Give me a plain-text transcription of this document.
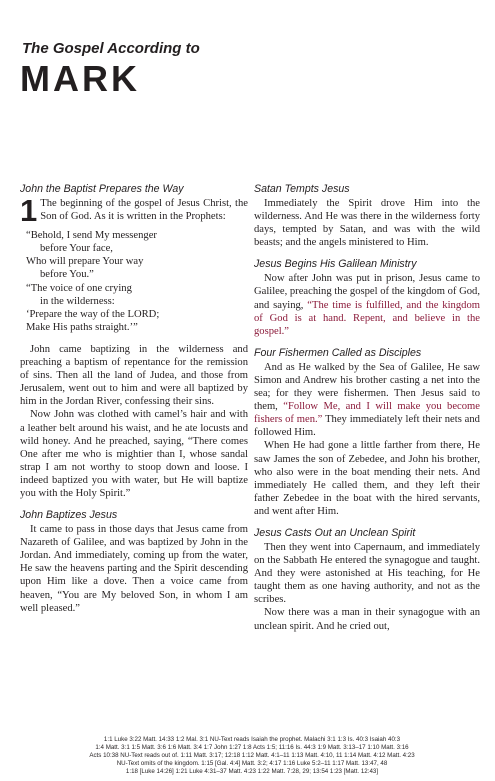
The Gospel According to
MARK
John the Baptist Prepares the Way

1 The beginning of the gospel of Jesus Christ, the Son of God. As it is written in the Prophets:

“Behold, I send My messenger
before Your face,
Who will prepare Your way
before You.”
“The voice of one crying
in the wilderness:
‘Prepare the way of the LORD;
Make His paths straight.’”

John came baptizing in the wilderness and preaching a baptism of repentance for the remission of sins. Then all the land of Judea, and those from Jerusalem, went out to him and were all baptized by him in the Jordan River, confessing their sins.

Now John was clothed with camel’s hair and with a leather belt around his waist, and he ate locusts and wild honey. And he preached, saying, “There comes One after me who is mightier than I, whose sandal strap I am not worthy to stoop down and loose. I indeed baptized you with water, but He will baptize you with the Holy Spirit.”

John Baptizes Jesus

It came to pass in those days that Jesus came from Nazareth of Galilee, and was baptized by John in the Jordan. And immediately, coming up from the water, He saw the heavens parting and the Spirit descending upon Him like a dove. Then a voice came from heaven, “You are My beloved Son, in whom I am well pleased.”

Satan Tempts Jesus

Immediately the Spirit drove Him into the wilderness. And He was there in the wilderness forty days, tempted by Satan, and was with the wild beasts; and the angels ministered to Him.

Jesus Begins His Galilean Ministry

Now after John was put in prison, Jesus came to Galilee, preaching the gospel of the kingdom of God, and saying, “The time is fulfilled, and the kingdom of God is at hand. Repent, and believe in the gospel.”

Four Fishermen Called as Disciples

And as He walked by the Sea of Galilee, He saw Simon and Andrew his brother casting a net into the sea; for they were fishermen. Then Jesus said to them, “Follow Me, and I will make you become fishers of men.” They immediately left their nets and followed Him.

When He had gone a little farther from there, He saw James the son of Zebedee, and John his brother, who also were in the boat mending their nets. And immediately He called them, and they left their father Zebedee in the boat with the hired servants, and went after Him.

Jesus Casts Out an Unclean Spirit

Then they went into Capernaum, and immediately on the Sabbath He entered the synagogue and taught. And they were astonished at His teaching, for He taught them as one having authority, and not as the scribes.

Now there was a man in their synagogue with an unclean spirit. And he cried out,

1:1 Luke 3:22 Matt. 14:33 1:2 Mal. 3:1 NU-Text reads Isaiah the prophet. Malachi 3:1 1:3 Is. 40:3 Isaiah 40:3
1:4 Matt. 3:1 1:5 Matt. 3:6 1:6 Matt. 3:4 1:7 John 1:27 1:8 Acts 1:5; 11:16 Is. 44:3 1:9 Matt. 3:13–17 1:10 Matt. 3:16
Acts 10:38 NU-Text reads out of. 1:11 Matt. 3:17; 12:18 1:12 Matt. 4:1–11 1:13 Matt. 4:10, 11 1:14 Matt. 4:12 Matt. 4:23
NU-Text omits of the kingdom. 1:15 [Gal. 4:4] Matt. 3:2; 4:17 1:16 Luke 5:2–11 1:17 Matt. 13:47, 48
1:18 [Luke 14:26] 1:21 Luke 4:31–37 Matt. 4:23 1:22 Matt. 7:28, 29; 13:54 1:23 [Matt. 12:43]
